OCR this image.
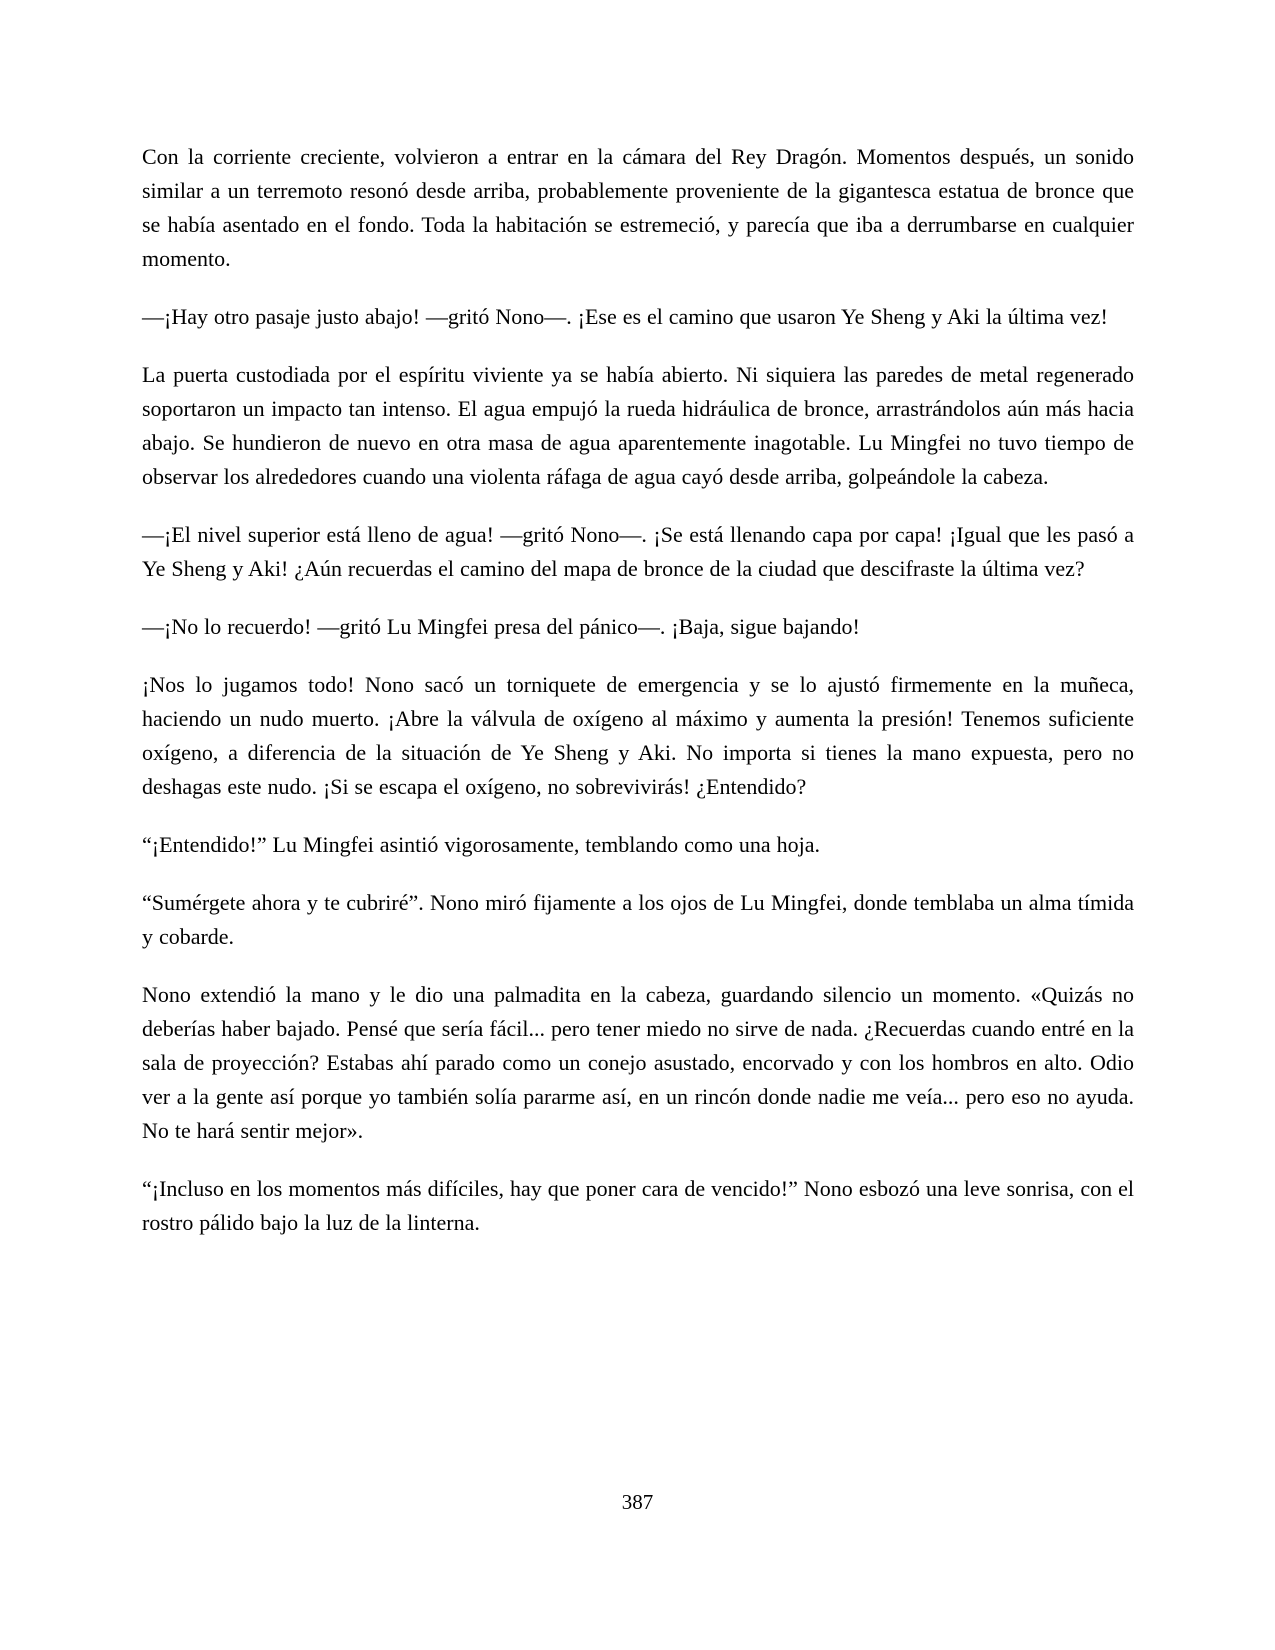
Con la corriente creciente, volvieron a entrar en la cámara del Rey Dragón. Momentos después, un sonido similar a un terremoto resonó desde arriba, probablemente proveniente de la gigantesca estatua de bronce que se había asentado en el fondo. Toda la habitación se estremeció, y parecía que iba a derrumbarse en cualquier momento.

—¡Hay otro pasaje justo abajo! —gritó Nono—. ¡Ese es el camino que usaron Ye Sheng y Aki la última vez!

La puerta custodiada por el espíritu viviente ya se había abierto. Ni siquiera las paredes de metal regenerado soportaron un impacto tan intenso. El agua empujó la rueda hidráulica de bronce, arrastrándolos aún más hacia abajo. Se hundieron de nuevo en otra masa de agua aparentemente inagotable. Lu Mingfei no tuvo tiempo de observar los alrededores cuando una violenta ráfaga de agua cayó desde arriba, golpeándole la cabeza.

—¡El nivel superior está lleno de agua! —gritó Nono—. ¡Se está llenando capa por capa! ¡Igual que les pasó a Ye Sheng y Aki! ¿Aún recuerdas el camino del mapa de bronce de la ciudad que descifraste la última vez?

—¡No lo recuerdo! —gritó Lu Mingfei presa del pánico—. ¡Baja, sigue bajando!

¡Nos lo jugamos todo! Nono sacó un torniquete de emergencia y se lo ajustó firmemente en la muñeca, haciendo un nudo muerto. ¡Abre la válvula de oxígeno al máximo y aumenta la presión! Tenemos suficiente oxígeno, a diferencia de la situación de Ye Sheng y Aki. No importa si tienes la mano expuesta, pero no deshagas este nudo. ¡Si se escapa el oxígeno, no sobrevivirás! ¿Entendido?

“¡Entendido!” Lu Mingfei asintió vigorosamente, temblando como una hoja.

“Sumérgete ahora y te cubriré”. Nono miró fijamente a los ojos de Lu Mingfei, donde temblaba un alma tímida y cobarde.

Nono extendió la mano y le dio una palmadita en la cabeza, guardando silencio un momento. «Quizás no deberías haber bajado. Pensé que sería fácil... pero tener miedo no sirve de nada. ¿Recuerdas cuando entré en la sala de proyección? Estabas ahí parado como un conejo asustado, encorvado y con los hombros en alto. Odio ver a la gente así porque yo también solía pararme así, en un rincón donde nadie me veía... pero eso no ayuda. No te hará sentir mejor».

“¡Incluso en los momentos más difíciles, hay que poner cara de vencido!” Nono esbozó una leve sonrisa, con el rostro pálido bajo la luz de la linterna.

387
